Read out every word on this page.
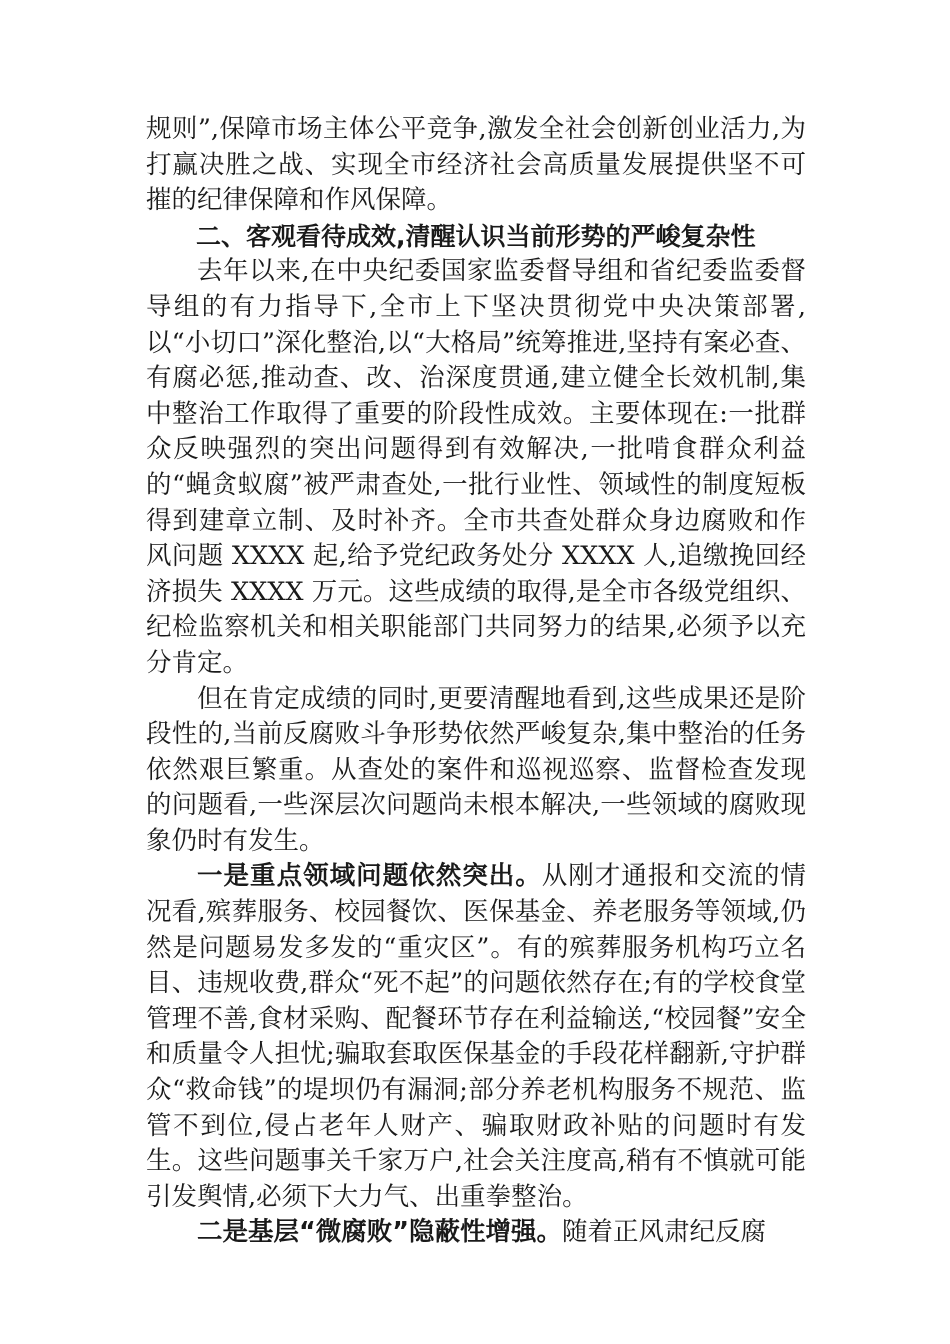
规则”,保障市场主体公平竞争,激发全社会创新创业活力,为打赢决胜之战、实现全市经济社会高质量发展提供坚不可摧的纪律保障和作风保障。

二、客观看待成效,清醒认识当前形势的严峻复杂性

去年以来,在中央纪委国家监委督导组和省纪委监委督导组的有力指导下,全市上下坚决贯彻党中央决策部署,以“小切口”深化整治,以“大格局”统筹推进,坚持有案必查、有腐必惩,推动查、改、治深度贯通,建立健全长效机制,集中整治工作取得了重要的阶段性成效。主要体现在:一批群众反映强烈的突出问题得到有效解决,一批啃食群众利益的“蝇贪蚁腐”被严肃查处,一批行业性、领域性的制度短板得到建章立制、及时补齐。全市共查处群众身边腐败和作风问题 XXXX 起,给予党纪政务处分 XXXX 人,追缴挽回经济损失 XXXX 万元。这些成绩的取得,是全市各级党组织、纪检监察机关和相关职能部门共同努力的结果,必须予以充分肯定。

但在肯定成绩的同时,更要清醒地看到,这些成果还是阶段性的,当前反腐败斗争形势依然严峻复杂,集中整治的任务依然艰巨繁重。从查处的案件和巡视巡察、监督检查发现的问题看,一些深层次问题尚未根本解决,一些领域的腐败现象仍时有发生。

一是重点领域问题依然突出。从刚才通报和交流的情况看,殡葬服务、校园餐饮、医保基金、养老服务等领域,仍然是问题易发多发的“重灾区”。有的殡葬服务机构巧立名目、违规收费,群众“死不起”的问题依然存在;有的学校食堂管理不善,食材采购、配餐环节存在利益输送,“校园餐”安全和质量令人担忧;骗取套取医保基金的手段花样翻新,守护群众“救命钱”的堤坝仍有漏洞;部分养老机构服务不规范、监管不到位,侵占老年人财产、骗取财政补贴的问题时有发生。这些问题事关千家万户,社会关注度高,稍有不慎就可能引发舆情,必须下大力气、出重拳整治。

二是基层“微腐败”隐蔽性增强。随着正风肃纪反腐
